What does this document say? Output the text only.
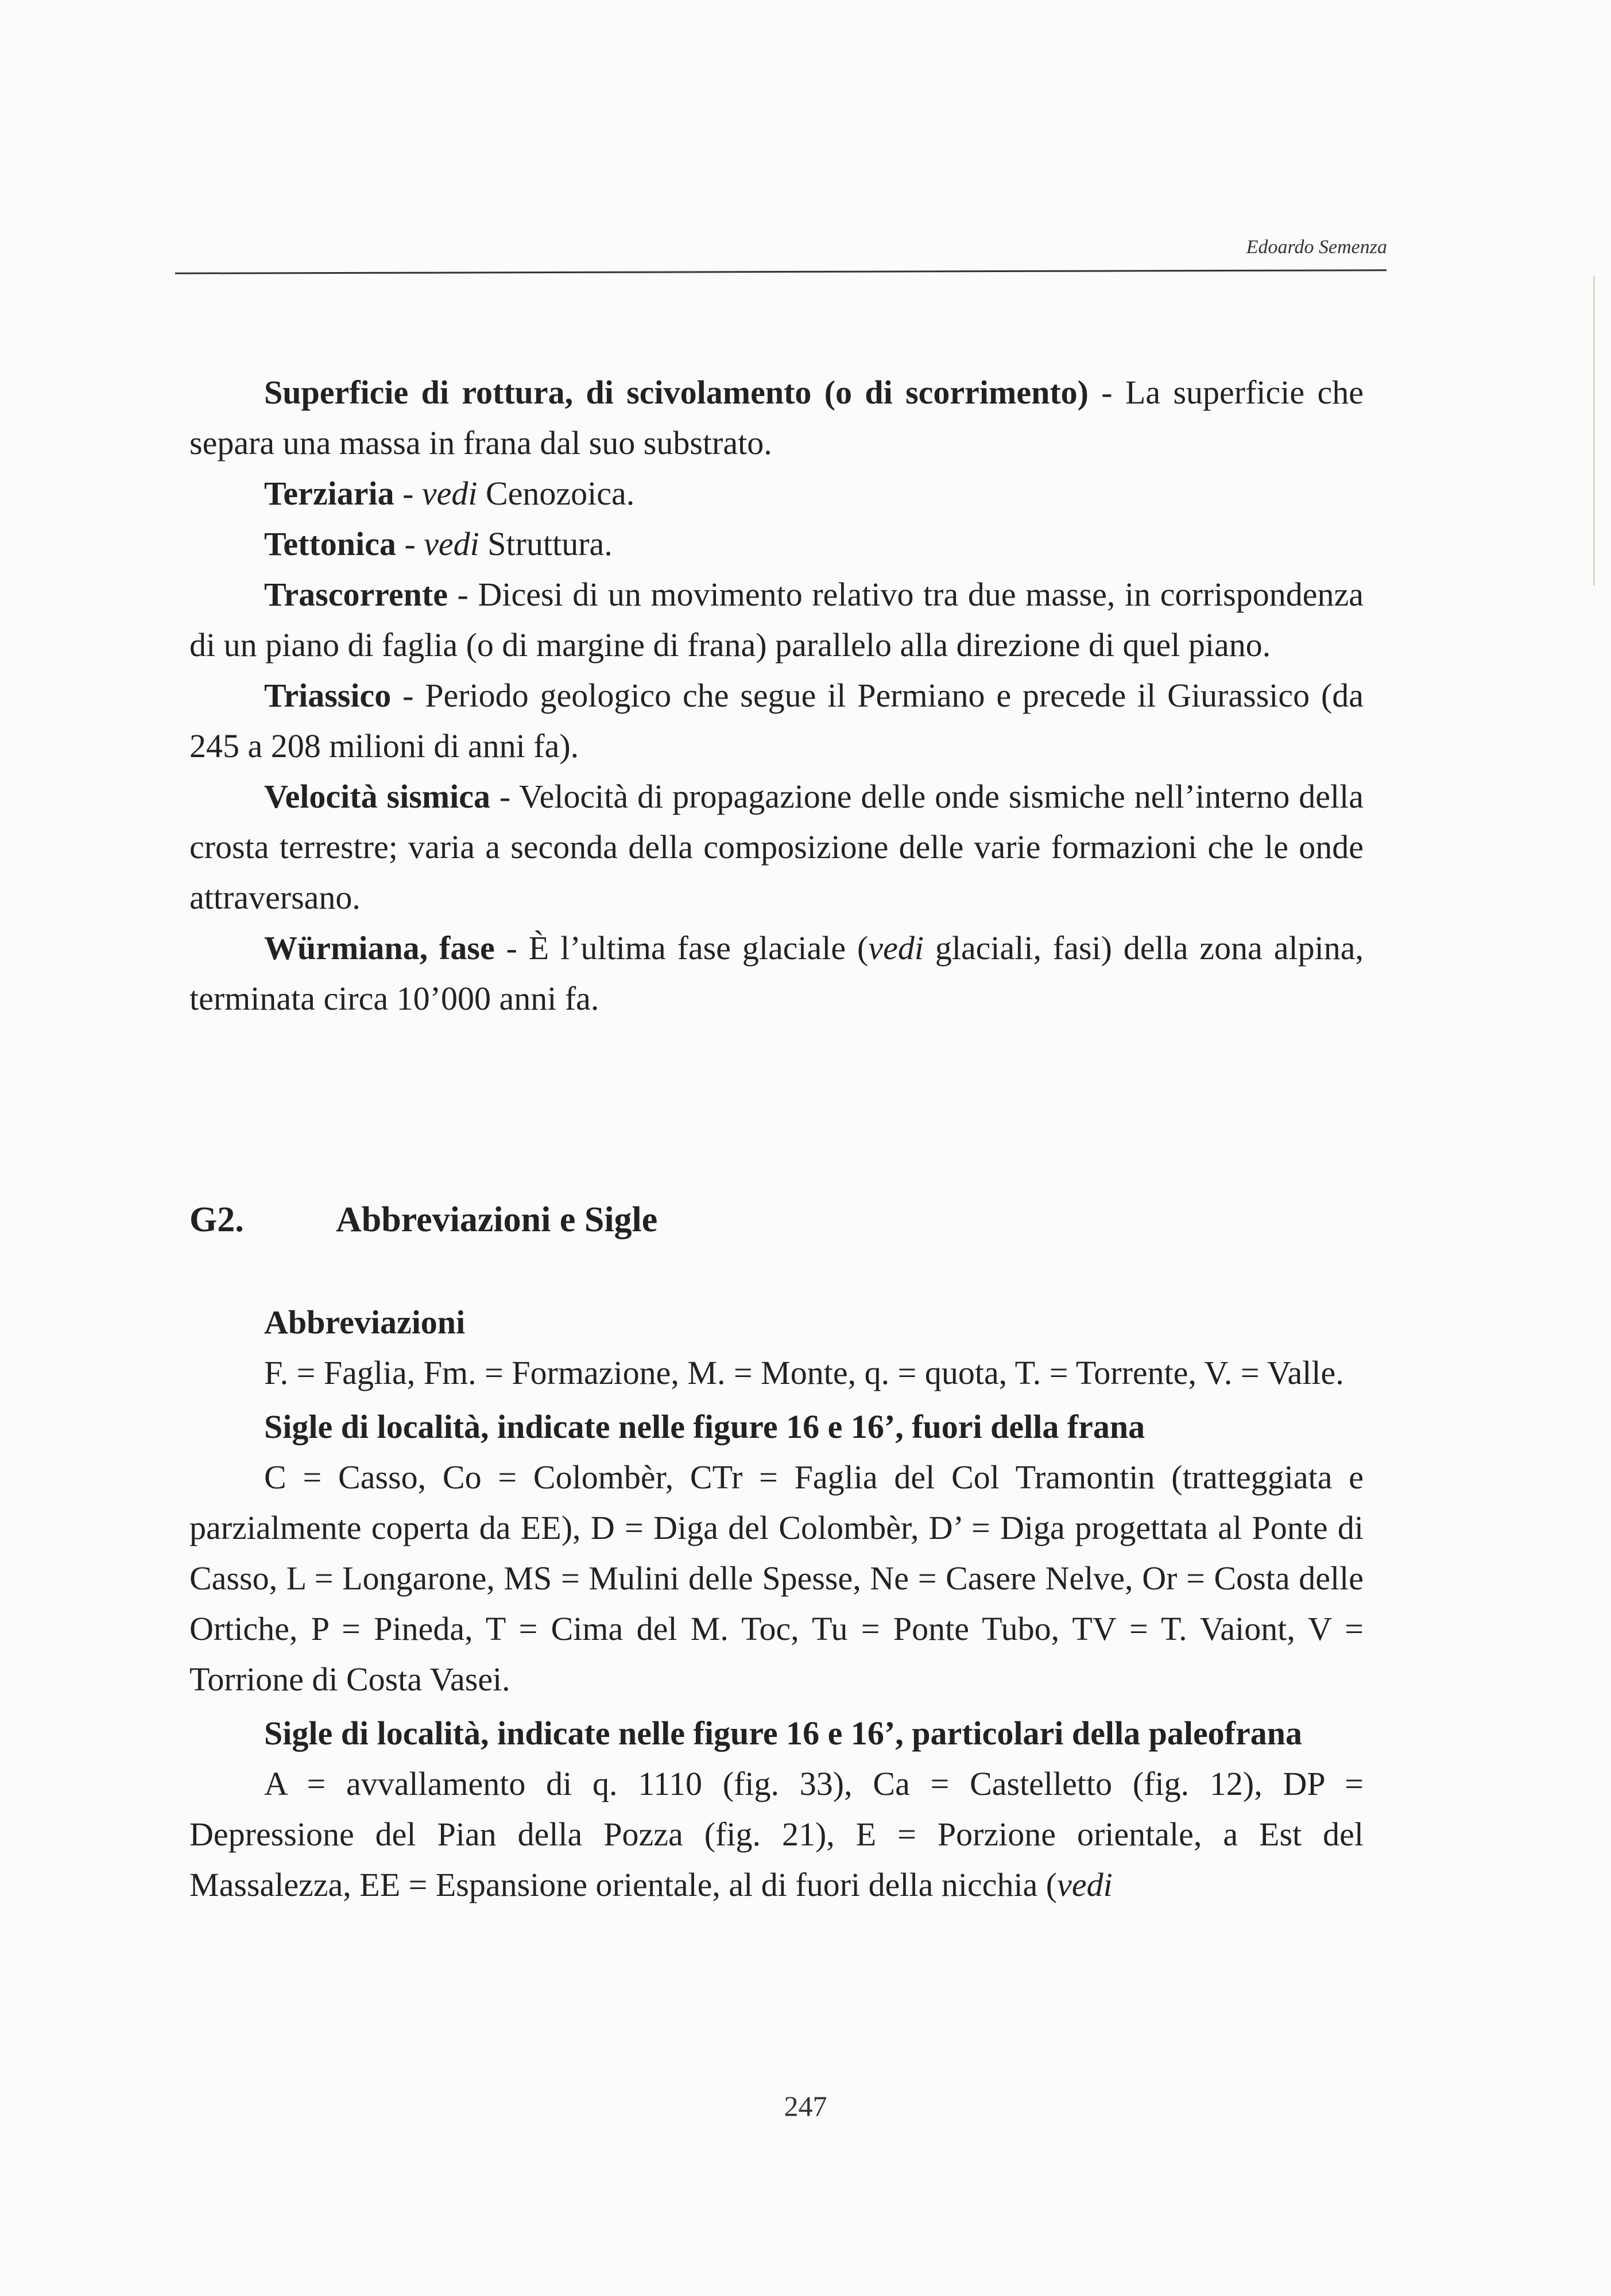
Edoardo Semenza

Superficie di rottura, di scivolamento (o di scorrimento) - La superficie che separa una massa in frana dal suo substrato.

Terziaria - vedi Cenozoica.

Tettonica - vedi Struttura.

Trascorrente - Dicesi di un movimento relativo tra due masse, in corrispondenza di un piano di faglia (o di margine di frana) parallelo alla direzione di quel piano.

Triassico - Periodo geologico che segue il Permiano e precede il Giurassico (da 245 a 208 milioni di anni fa).

Velocità sismica - Velocità di propagazione delle onde sismiche nell’interno della crosta terrestre; varia a seconda della composizione delle varie formazioni che le onde attraversano.

Würmiana, fase - È l’ultima fase glaciale (vedi glaciali, fasi) della zona alpina, terminata circa 10’000 anni fa.

G2.	Abbreviazioni e Sigle

Abbreviazioni

F. = Faglia, Fm. = Formazione, M. = Monte, q. = quota, T. = Torrente, V. = Valle.

Sigle di località, indicate nelle figure 16 e 16’, fuori della frana

C = Casso, Co = Colombèr, CTr = Faglia del Col Tramontin (tratteggiata e parzialmente coperta da EE), D = Diga del Colombèr, D’ = Diga progettata al Ponte di Casso, L = Longarone, MS = Mulini delle Spesse, Ne = Casere Nelve, Or = Costa delle Ortiche, P = Pineda, T = Cima del M. Toc, Tu = Ponte Tubo, TV = T. Vaiont, V = Torrione di Costa Vasei.

Sigle di località, indicate nelle figure 16 e 16’, particolari della paleofrana

A = avvallamento di q. 1110 (fig. 33), Ca = Castelletto (fig. 12), DP = Depressione del Pian della Pozza (fig. 21), E = Porzione orientale, a Est del Massalezza, EE = Espansione orientale, al di fuori della nicchia (vedi

247
